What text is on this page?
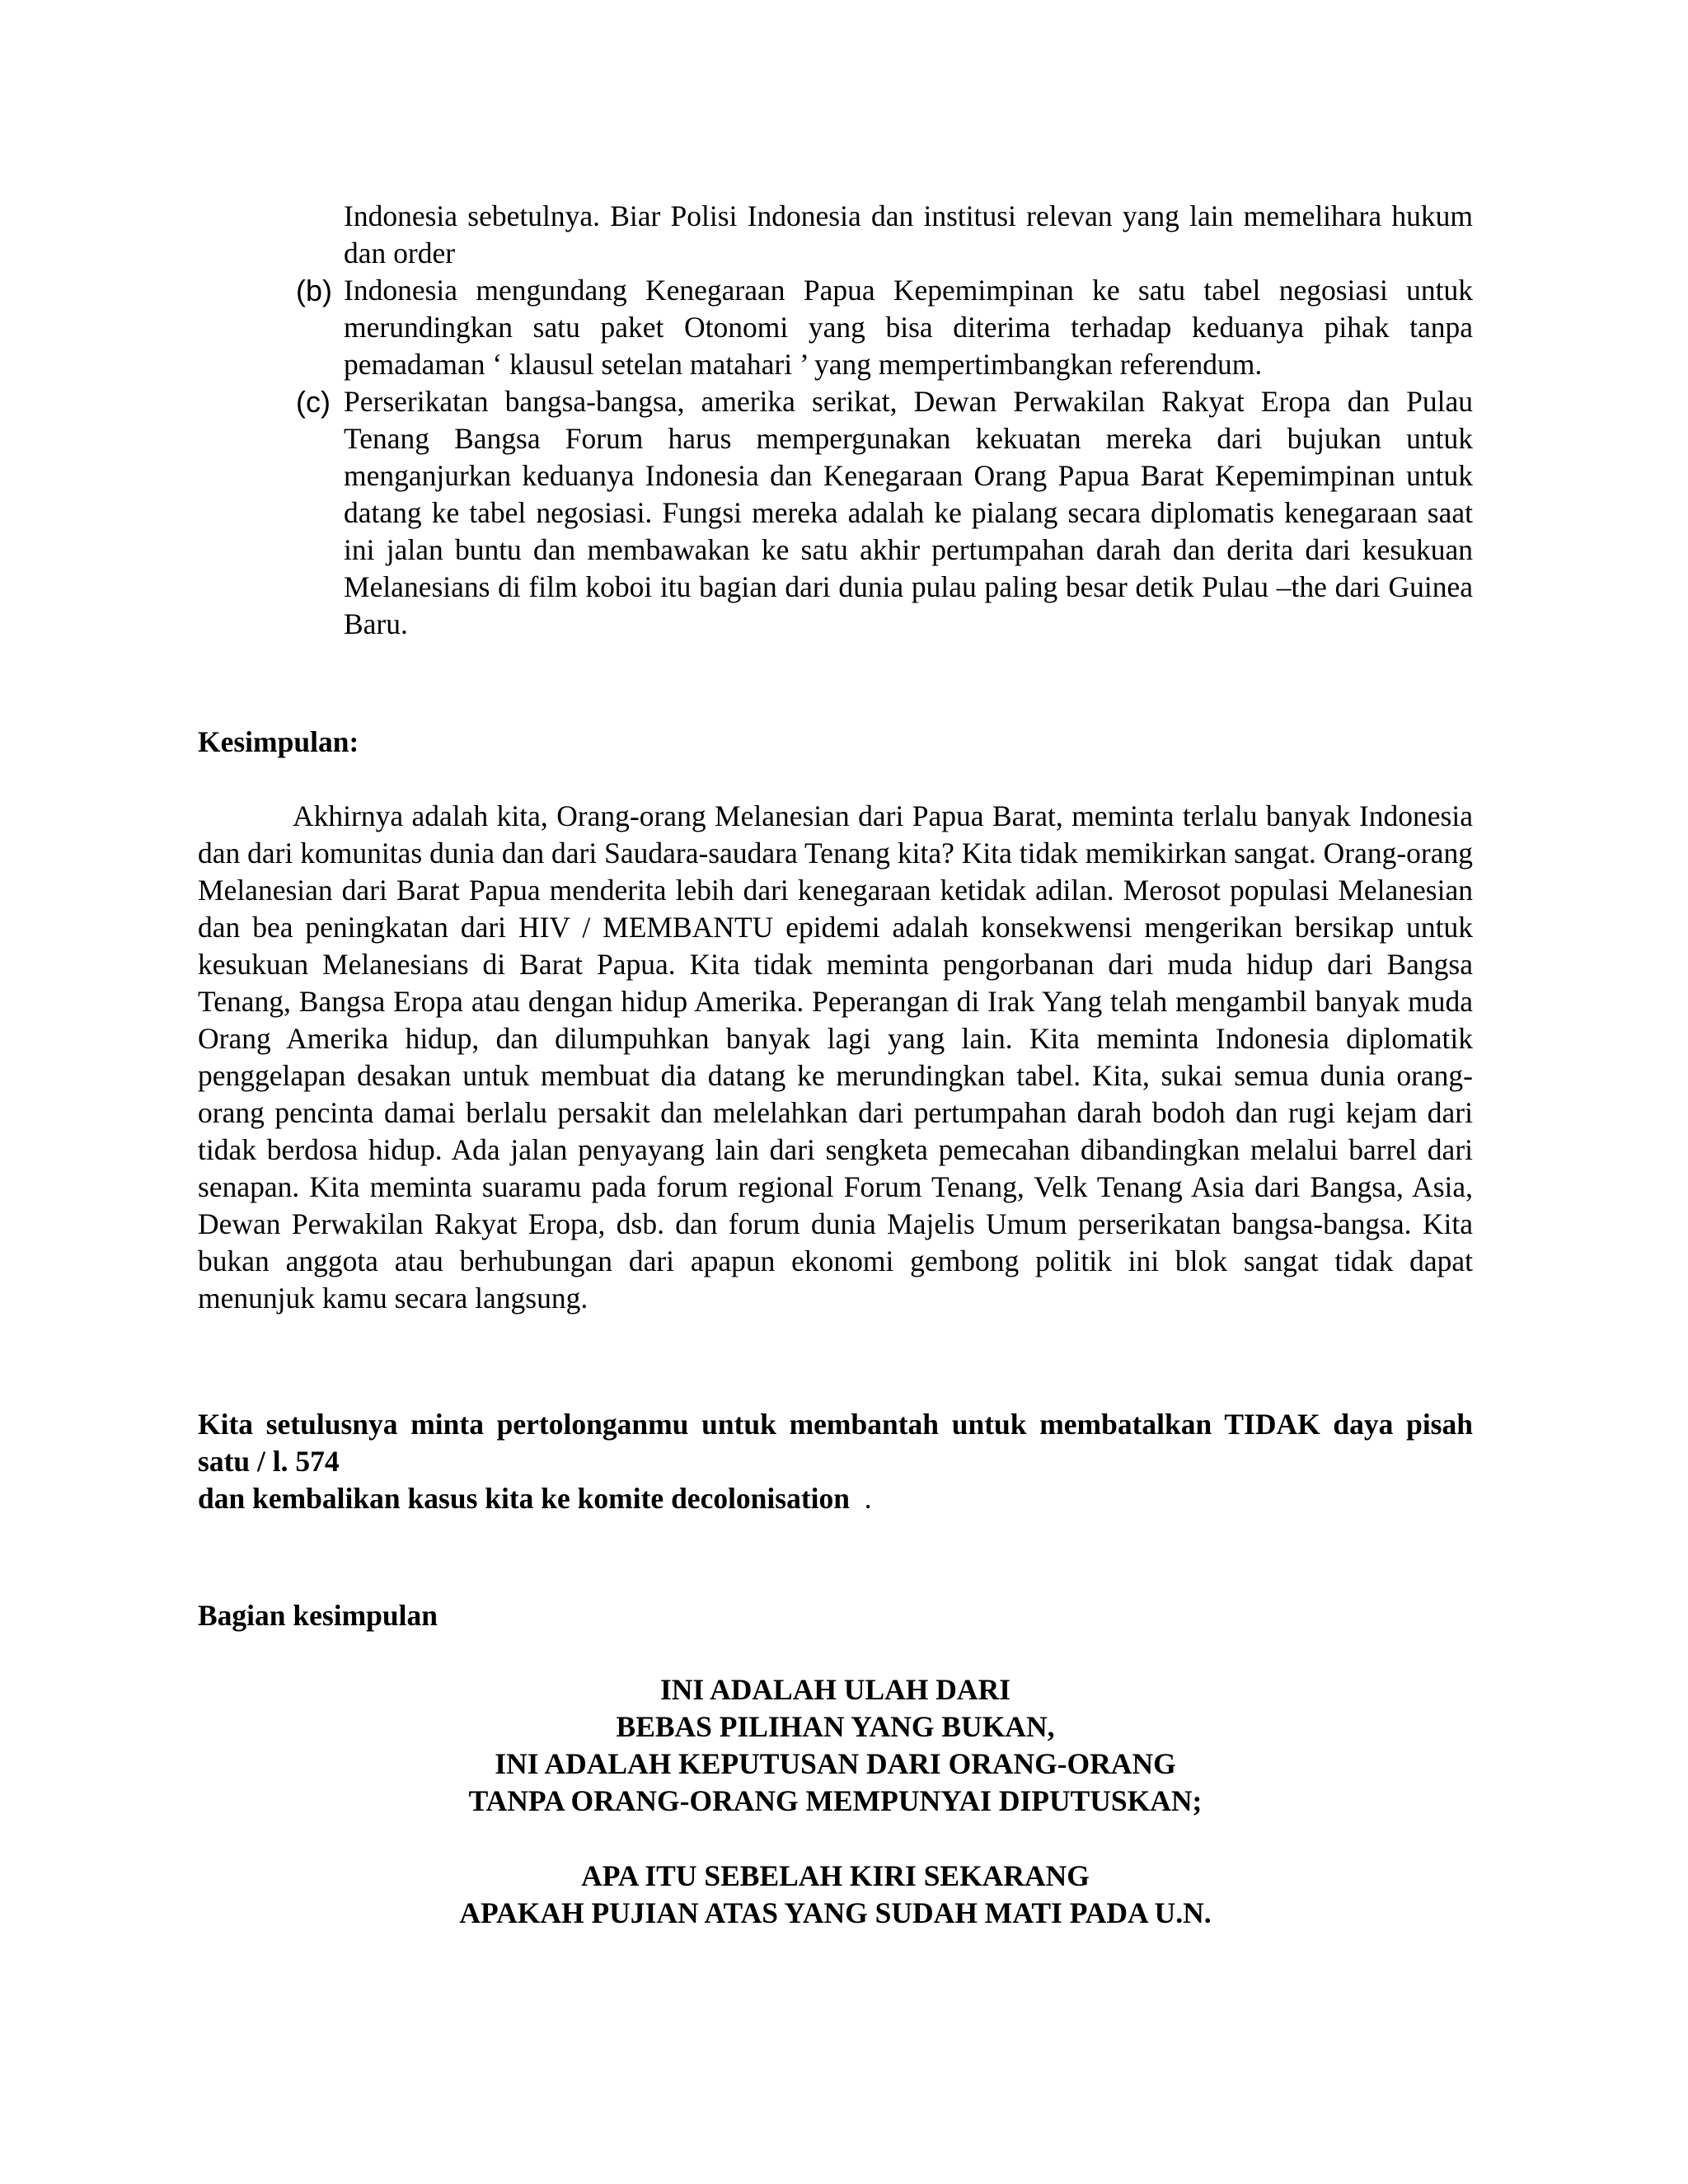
Indonesia sebetulnya. Biar Polisi Indonesia dan institusi relevan yang lain memelihara hukum dan order
(b) Indonesia mengundang Kenegaraan Papua Kepemimpinan ke satu tabel negosiasi untuk merundingkan satu paket Otonomi yang bisa diterima terhadap keduanya pihak tanpa pemadaman ‘ klausul setelan matahari ’ yang mempertimbangkan referendum.
(c) Perserikatan bangsa-bangsa, amerika serikat, Dewan Perwakilan Rakyat Eropa dan Pulau Tenang Bangsa Forum harus mempergunakan kekuatan mereka dari bujukan untuk menganjurkan keduanya Indonesia dan Kenegaraan Orang Papua Barat Kepemimpinan untuk datang ke tabel negosiasi. Fungsi mereka adalah ke pialang secara diplomatis kenegaraan saat ini jalan buntu dan membawakan ke satu akhir pertumpahan darah dan derita dari kesukuan Melanesians di film koboi itu bagian dari dunia pulau paling besar detik Pulau –the dari Guinea Baru.
Kesimpulan:
Akhirnya adalah kita, Orang-orang Melanesian dari Papua Barat, meminta terlalu banyak Indonesia dan dari komunitas dunia dan dari Saudara-saudara Tenang kita? Kita tidak memikirkan sangat. Orang-orang Melanesian dari Barat Papua menderita lebih dari kenegaraan ketidak adilan. Merosot populasi Melanesian dan bea peningkatan dari HIV / MEMBANTU epidemi adalah konsekwensi mengerikan bersikap untuk kesukuan Melanesians di Barat Papua. Kita tidak meminta pengorbanan dari muda hidup dari Bangsa Tenang, Bangsa Eropa atau dengan hidup Amerika. Peperangan di Irak Yang telah mengambil banyak muda Orang Amerika hidup, dan dilumpuhkan banyak lagi yang lain. Kita meminta Indonesia diplomatik penggelapan desakan untuk membuat dia datang ke merundingkan tabel. Kita, sukai semua dunia orang-orang pencinta damai berlalu persakit dan melelahkan dari pertumpahan darah bodoh dan rugi kejam dari tidak berdosa hidup. Ada jalan penyayang lain dari sengketa pemecahan dibandingkan melalui barrel dari senapan. Kita meminta suaramu pada forum regional Forum Tenang, Velk Tenang Asia dari Bangsa, Asia, Dewan Perwakilan Rakyat Eropa, dsb. dan forum dunia Majelis Umum perserikatan bangsa-bangsa. Kita bukan anggota atau berhubungan dari apapun ekonomi gembong politik ini blok sangat tidak dapat menunjuk kamu secara langsung.
Kita setulusnya minta pertolonganmu untuk membantah untuk membatalkan TIDAK daya pisah satu / l. 574
dan kembalikan kasus kita ke komite decolonisation .
Bagian kesimpulan
INI ADALAH ULAH DARI
BEBAS PILIHAN YANG BUKAN,
INI ADALAH KEPUTUSAN DARI ORANG-ORANG
TANPA ORANG-ORANG MEMPUNYAI DIPUTUSKAN;
APA ITU SEBELAH KIRI SEKARANG
APAKAH PUJIAN ATAS YANG SUDAH MATI PADA U.N.
